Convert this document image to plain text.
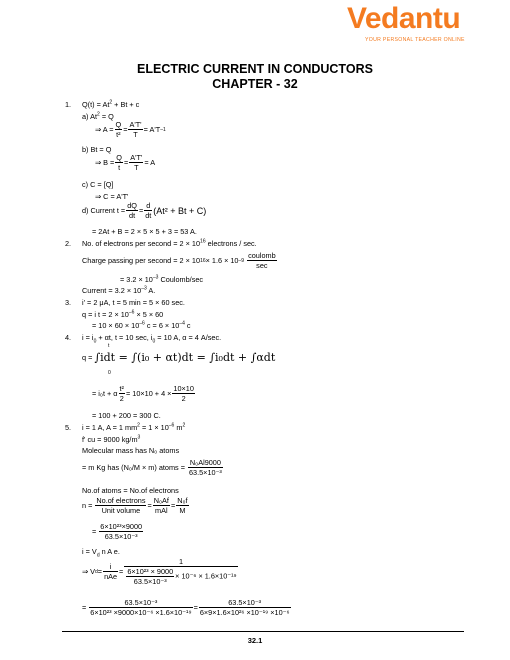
Vedantu
YOUR PERSONAL TEACHER ONLINE
ELECTRIC CURRENT IN CONDUCTORS
CHAPTER - 32
1. $Q(t) = At^2 + Bt + c$
a) $At^2 = Q$
⇒ $A = \frac{Q}{\text{t²}} = \frac{A'T'}{T} = A'T$ –1
b) Bt = Q
⇒ $B = \frac{Q}{t} = \frac{A'T'}{T} = A$
c) C = [Q]
⇒ C = A'T'
d) Current $t = \frac{dQ}{dt} = \frac{d}{dt} (At^2 + Bt + C)$
= 2At + B = 2 × 5 × 5 + 3 = 53 A.
2. No. of electrons per second = $2 \times 10^{16}$ electrons / sec.
Charge passing per second = 2 × 10 16 × 1.6 × 10 $-9 \frac{\text{coulomb}}{\sec}$
= $3.2 \times 10^{-3}$ Coulomb/sec
Current = $3.2 \times 10^{-3}$ A.
3. i' = 2 μA, t = 5 min = 5 × 60 sec.
q = i $t = 2 \times 10^{-6} \times 5 \times 60$
= $10 \times 60 \times 10^{-6}$ $c = 6 \times 10^{-4}$ c
4. $i = i_0 + \alpha t$, t = 10 sec, $i_0 = 10$ A, α = 4 A/sec.
q =
∫idt = ∫(i₀ + αt)dt = ∫i₀dt + ∫αdt
t
0
= i₀t + α $\frac{\text{t²}}{2} = 10\times 10 + 4 \times \frac{10\times 10}{2}$
= 100 + 200 = 300 C.
5. i = 1 A, A = 1 $mm^2 = 1 \times 10^{-6}$ $m^2$
f' cu = 9000 $kg/m^3$
Molecular mass has N₀ atoms
= m Kg has (N₀/M × m) atoms = $\frac{\text{N₀Al9000}}{\text{63.5×10⁻³}}$
No.of atoms = No.of electrons
n =
$\frac{\text{No.of electrons}}{\text{Unit volume}} = \frac{\text{N₀Af}}{\text{mAl}} = \frac{\text{N₀f}}{M}$
=
$\frac{\text{6×10²³×9000}}{\text{63.5×10⁻³}}$
$i = V_d$ n A e.
⇒ V $d = \frac{i}{\text{nAe}} = \frac{1}{\frac{\text{6×10²³ × 9000}}{\text{63.5×10⁻³}} \times 10^{-6} \times 1.6\times 10^{-19}}$
=
$\frac{\text{63.5×10⁻³}}{\text{6×10²³ ×9000×10⁻⁶ ×1.6×10⁻¹⁹}} = \frac{\text{63.5×10⁻³}}{\text{6×9×1.6×10²⁶ ×10⁻¹⁹ ×10⁻⁶}}$
32.1
